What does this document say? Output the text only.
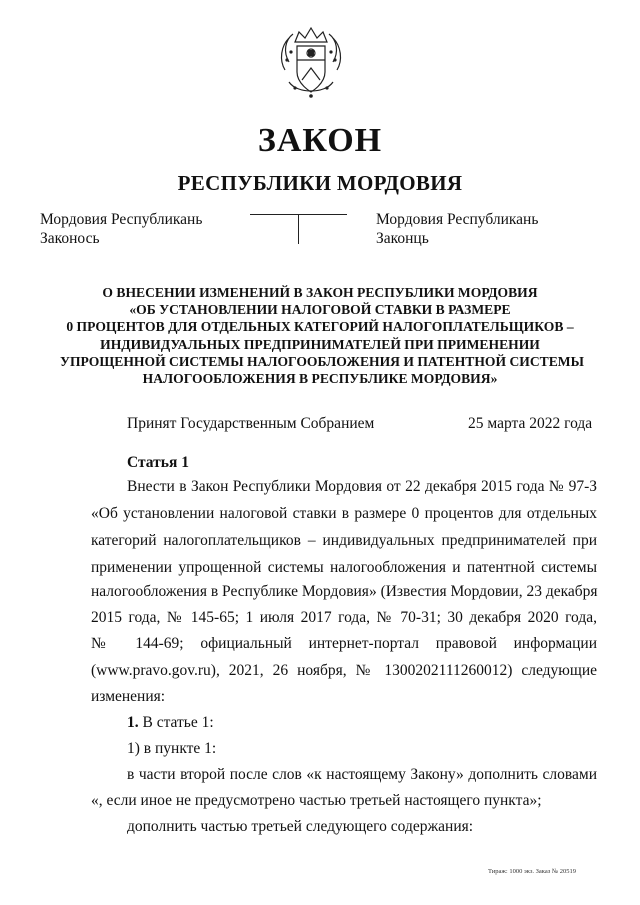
ЗАКОН
РЕСПУБЛИКИ МОРДОВИЯ
Мордовия Республикань
Законось
Мордовия Республикань
Законць
О ВНЕСЕНИИ ИЗМЕНЕНИЙ В ЗАКОН РЕСПУБЛИКИ МОРДОВИЯ
«ОБ УСТАНОВЛЕНИИ НАЛОГОВОЙ СТАВКИ В РАЗМЕРЕ
0 ПРОЦЕНТОВ ДЛЯ ОТДЕЛЬНЫХ КАТЕГОРИЙ НАЛОГОПЛАТЕЛЬЩИКОВ –
ИНДИВИДУАЛЬНЫХ ПРЕДПРИНИМАТЕЛЕЙ ПРИ ПРИМЕНЕНИИ
УПРОЩЕННОЙ СИСТЕМЫ НАЛОГООБЛОЖЕНИЯ И ПАТЕНТНОЙ СИСТЕМЫ
НАЛОГООБЛОЖЕНИЯ В РЕСПУБЛИКЕ МОРДОВИЯ»
Принят Государственным Собранием	25 марта 2022 года
Статья 1
Внести в Закон Республики Мордовия от 22 декабря 2015 года № 97-З
«Об установлении налоговой ставки в размере 0 процентов для отдельных
категорий налогоплательщиков – индивидуальных предпринимателей при
применении упрощенной системы налогообложения и патентной системы
налогообложения в Республике Мордовия» (Известия Мордовии, 23 декабря
2015 года, № 145-65; 1 июля 2017 года, № 70-31; 30 декабря 2020 года,
№ 144-69; официальный интернет-портал правовой информации
(www.pravo.gov.ru), 2021, 26 ноября, № 1300202111260012) следующие
изменения:
1. В статье 1:
1) в пункте 1:
в части второй после слов «к настоящему Закону» дополнить словами
«, если иное не предусмотрено частью третьей настоящего пункта»;
дополнить частью третьей следующего содержания:
Тираж: 1000 экз. Заказ № 20519
